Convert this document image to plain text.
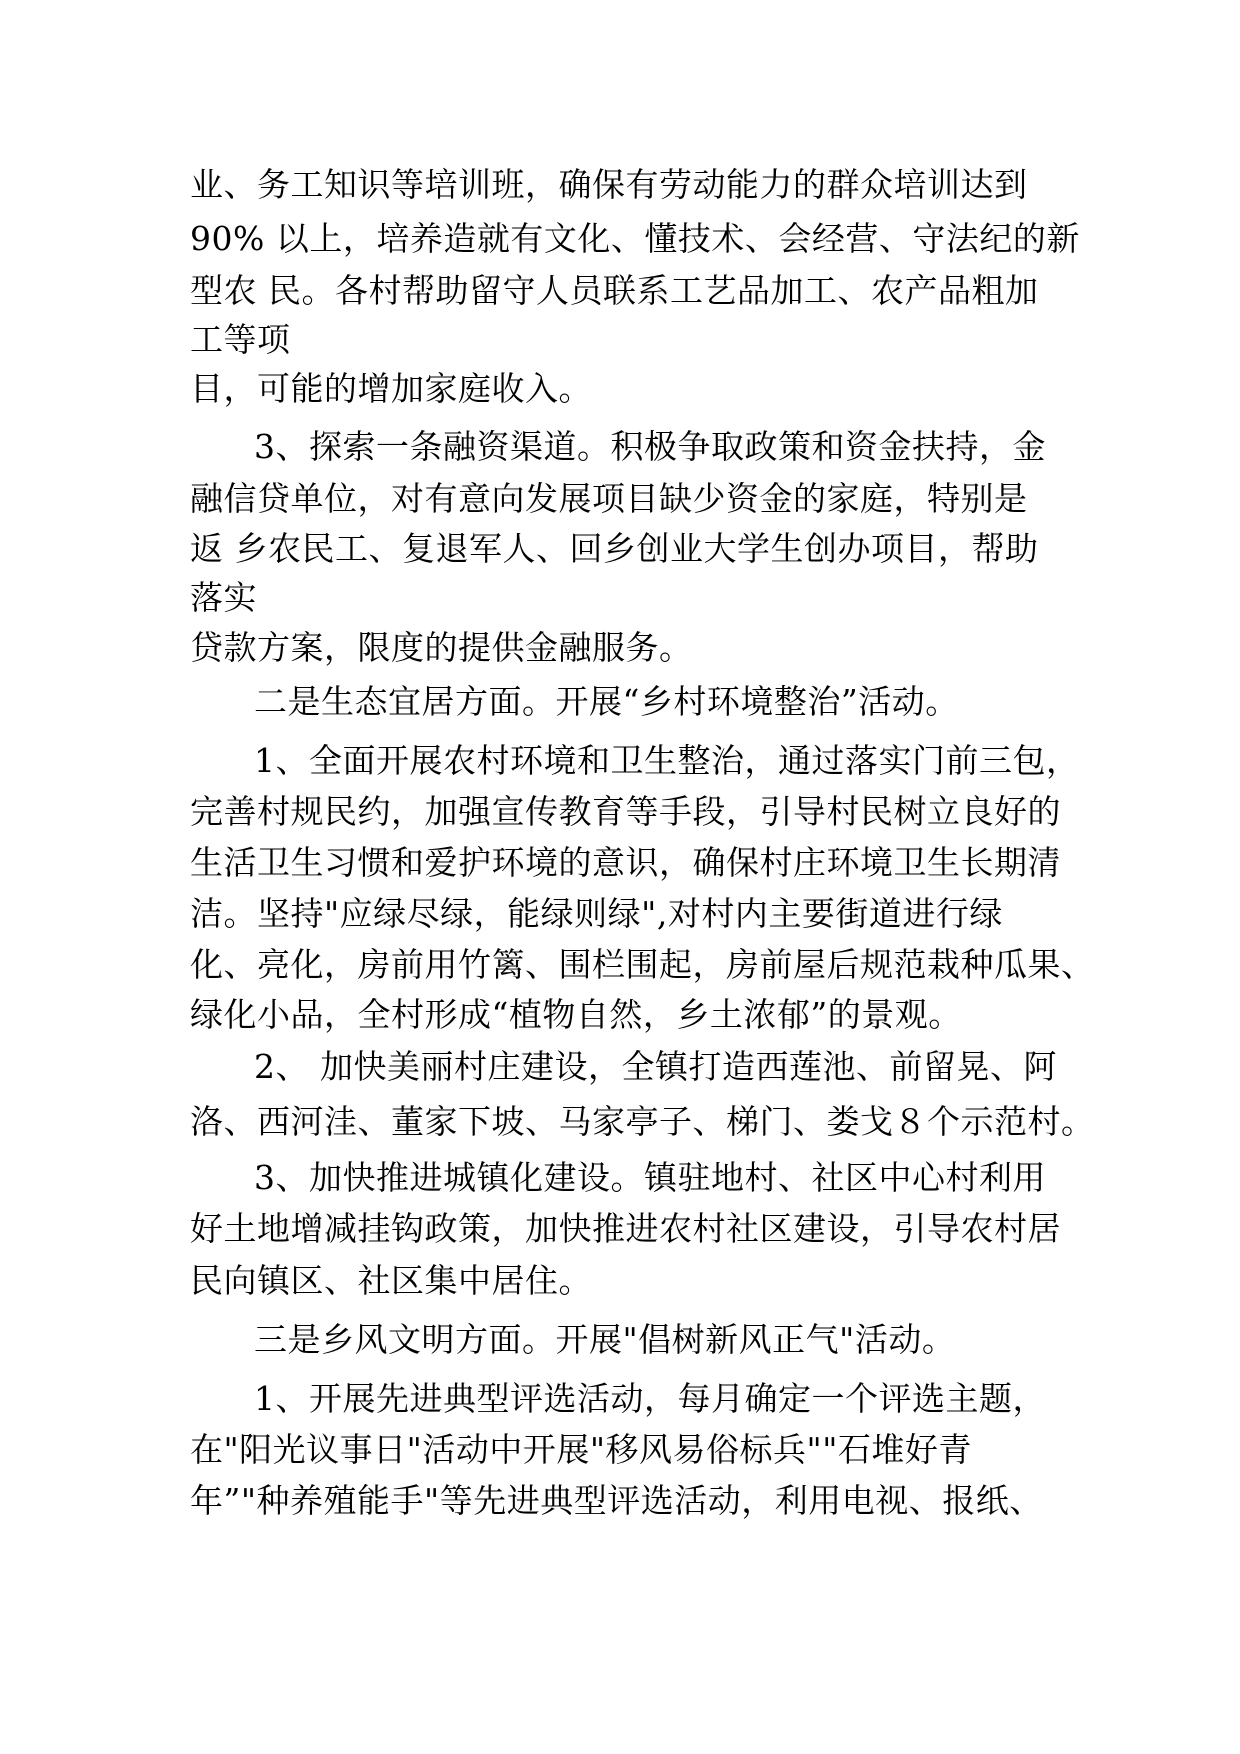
业、务工知识等培训班，确保有劳动能力的群众培训达到
90% 以上，培养造就有文化、懂技术、会经营、守法纪的新
型农 民。各村帮助留守人员联系工艺品加工、农产品粗加
工等项
目，可能的增加家庭收入。
3、探索一条融资渠道。积极争取政策和资金扶持，金
融信贷单位，对有意向发展项目缺少资金的家庭，特别是
返 乡农民工、复退军人、回乡创业大学生创办项目，帮助
落实
贷款方案，限度的提供金融服务。
二是生态宜居方面。开展“乡村环境整治”活动。
1、全面开展农村环境和卫生整治，通过落实门前三包，
完善村规民约，加强宣传教育等手段，引导村民树立良好的
生活卫生习惯和爱护环境的意识，确保村庄环境卫生长期清
洁。坚持"应绿尽绿，能绿则绿",对村内主要街道进行绿
化、亮化，房前用竹篱、围栏围起，房前屋后规范栽种瓜果、
绿化小品，全村形成“植物自然，乡土浓郁”的景观。
2、 加快美丽村庄建设，全镇打造西莲池、前留晃、阿
洛、西河洼、董家下坡、马家亭子、梯门、娄戈８个示范村。
3、加快推进城镇化建设。镇驻地村、社区中心村利用
好土地增减挂钩政策，加快推进农村社区建设，引导农村居
民向镇区、社区集中居住。
三是乡风文明方面。开展"倡树新风正气"活动。
1、开展先进典型评选活动，每月确定一个评选主题，
在"阳光议事日"活动中开展"移风易俗标兵""石堆好青
年”"种养殖能手"等先进典型评选活动，利用电视、报纸、
